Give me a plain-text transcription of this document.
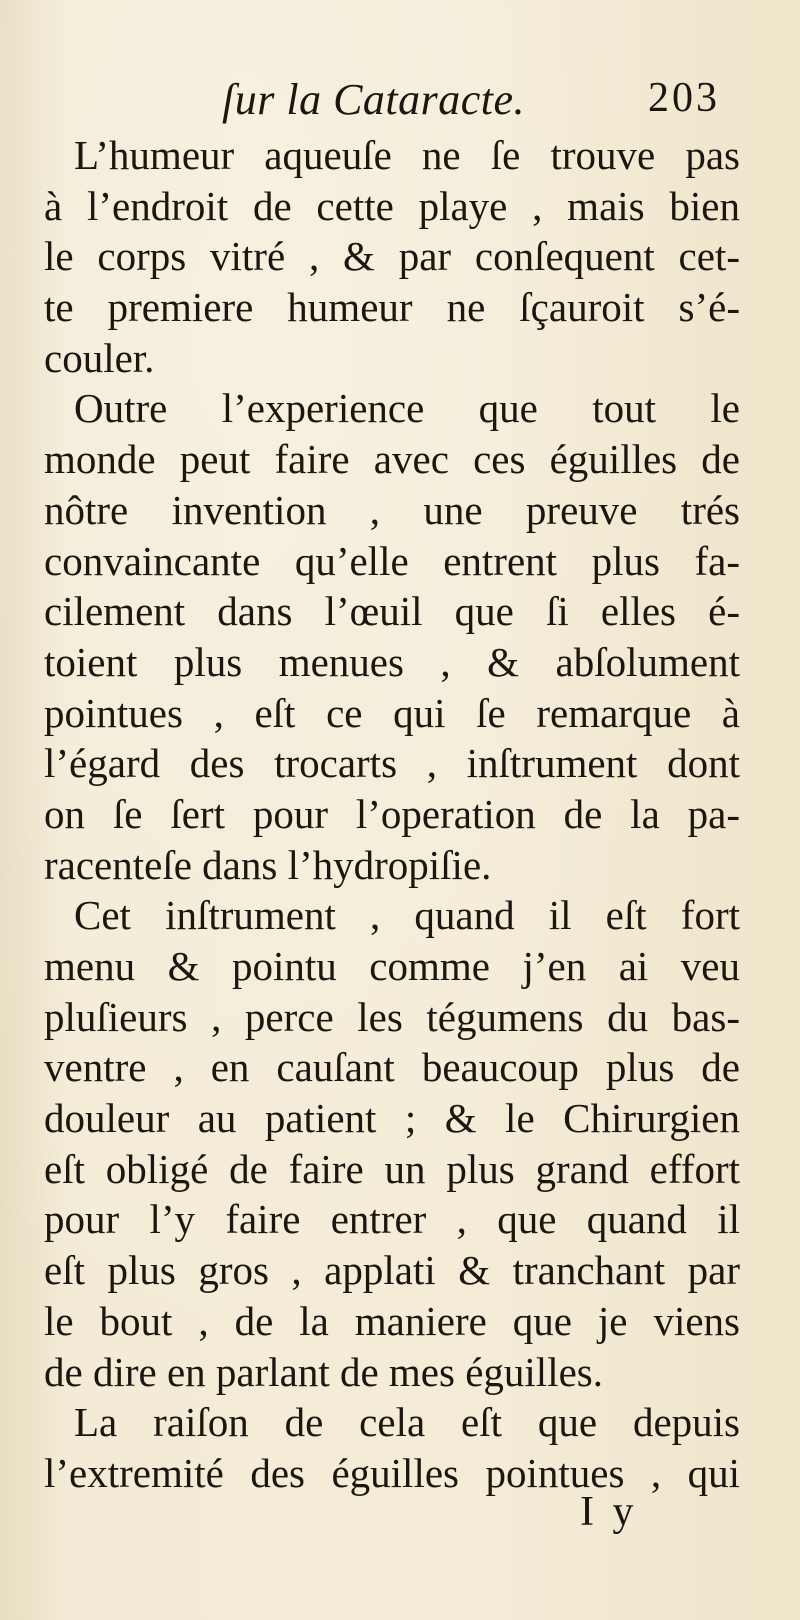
ſur la Cataracte.	203
L’humeur aqueuſe ne ſe trouve pas
à l’endroit de cette playe , mais bien
le corps vitré , & par conſequent cet-
te premiere humeur ne ſçauroit s’é-
couler.
Outre l’experience que tout le
monde peut faire avec ces éguilles de
nôtre invention , une preuve trés
convaincante qu’elle entrent plus fa-
cilement dans l’œuil que ſi elles é-
toient plus menues , & abſolument
pointues , eſt ce qui ſe remarque à
l’égard des trocarts , inſtrument dont
on ſe ſert pour l’operation de la pa-
racenteſe dans l’hydropiſie.
Cet inſtrument , quand il eſt fort
menu & pointu comme j’en ai veu
pluſieurs , perce les tégumens du bas-
ventre , en cauſant beaucoup plus de
douleur au patient ; & le Chirurgien
eſt obligé de faire un plus grand effort
pour l’y faire entrer , que quand il
eſt plus gros , applati & tranchant par
le bout , de la maniere que je viens
de dire en parlant de mes éguilles.
La raiſon de cela eſt que depuis
l’extremité des éguilles pointues , qui
I y
